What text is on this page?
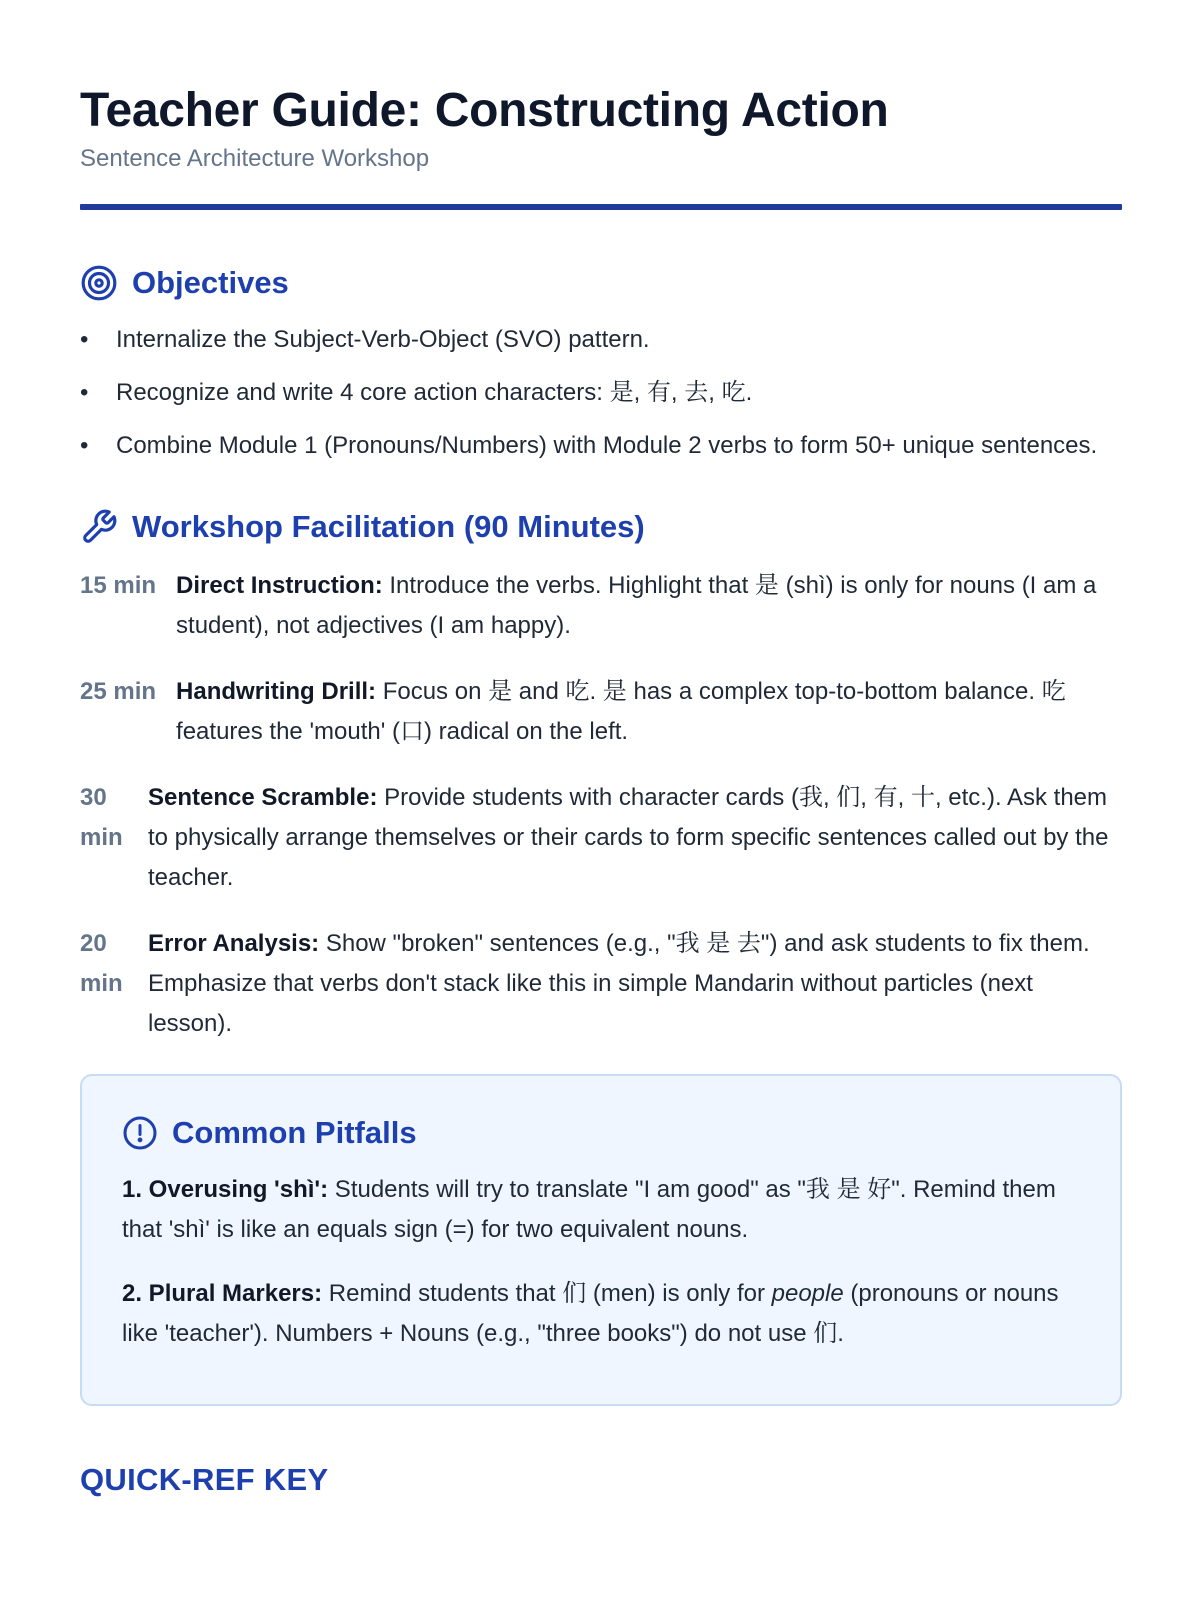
Teacher Guide: Constructing Action
Sentence Architecture Workshop
Objectives
• Internalize the Subject-Verb-Object (SVO) pattern.
• Recognize and write 4 core action characters: 是, 有, 去, 吃.
• Combine Module 1 (Pronouns/Numbers) with Module 2 verbs to form 50+ unique sentences.
Workshop Facilitation (90 Minutes)
15 min Direct Instruction: Introduce the verbs. Highlight that 是 (shì) is only for nouns (I am a student), not adjectives (I am happy).
25 min Handwriting Drill: Focus on 是 and 吃. 是 has a complex top-to-bottom balance. 吃 features the 'mouth' (口) radical on the left.
30 min
Sentence Scramble: Provide students with character cards (我, 们, 有, 十, etc.). Ask them to physically arrange themselves or their cards to form specific sentences called out by the teacher.
20 min
Error Analysis: Show "broken" sentences (e.g., "我 是 去") and ask students to fix them. Emphasize that verbs don't stack like this in simple Mandarin without particles (next lesson).
Common Pitfalls

1. Overusing 'shì': Students will try to translate "I am good" as "我 是 好". Remind them that 'shì' is like an equals sign (=) for two equivalent nouns.

2. Plural Markers: Remind students that 们 (men) is only for people (pronouns or nouns like 'teacher'). Numbers + Nouns (e.g., "three books") do not use 们.

QUICK-REF KEY
